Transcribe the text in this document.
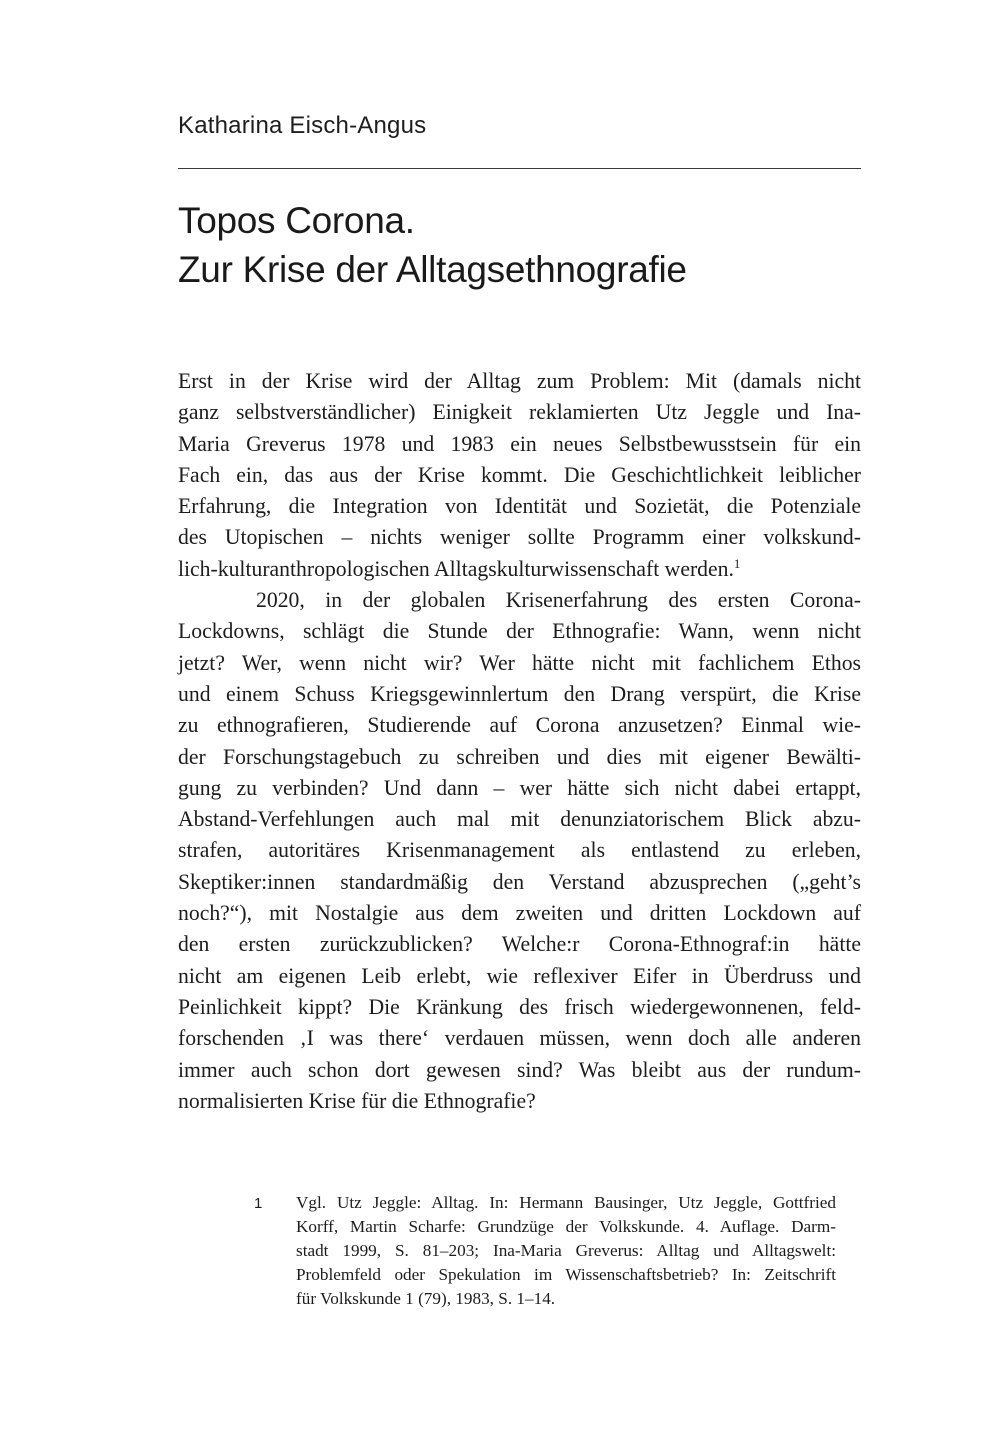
Katharina Eisch-Angus
Topos Corona.
Zur Krise der Alltagsethnografie
Erst in der Krise wird der Alltag zum Problem: Mit (damals nicht
ganz selbstverständlicher) Einigkeit reklamierten Utz Jeggle und Ina-
Maria Greverus 1978 und 1983 ein neues Selbstbewusstsein für ein
Fach ein, das aus der Krise kommt. Die Geschichtlichkeit leiblicher
Erfahrung, die Integration von Identität und Sozietät, die Potenziale
des Utopischen – nichts weniger sollte Programm einer volkskund-
lich-kulturanthropologischen Alltagskulturwissenschaft werden.$^1$
2020, in der globalen Krisenerfahrung des ersten Corona-
Lockdowns, schlägt die Stunde der Ethnografie: Wann, wenn nicht
jetzt? Wer, wenn nicht wir? Wer hätte nicht mit fachlichem Ethos
und einem Schuss Kriegsgewinnlertum den Drang verspürt, die Krise
zu ethnografieren, Studierende auf Corona anzusetzen? Einmal wie-
der Forschungstagebuch zu schreiben und dies mit eigener Bewälti-
gung zu verbinden? Und dann – wer hätte sich nicht dabei ertappt,
Abstand-Verfehlungen auch mal mit denunziatorischem Blick abzu-
strafen, autoritäres Krisenmanagement als entlastend zu erleben,
Skeptiker:innen standardmäßig den Verstand abzusprechen („geht’s
noch?“), mit Nostalgie aus dem zweiten und dritten Lockdown auf
den ersten zurückzublicken? Welche:r Corona-Ethnograf:in hätte
nicht am eigenen Leib erlebt, wie reflexiver Eifer in Überdruss und
Peinlichkeit kippt? Die Kränkung des frisch wiedergewonnenen, feld-
forschenden ‚I was there‘ verdauen müssen, wenn doch alle anderen
immer auch schon dort gewesen sind? Was bleibt aus der rundum-
normalisierten Krise für die Ethnografie?
1 Vgl. Utz Jeggle: Alltag. In: Hermann Bausinger, Utz Jeggle, Gottfried
Korff, Martin Scharfe: Grundzüge der Volkskunde. 4. Auflage. Darm-
stadt 1999, S. 81–203; Ina-Maria Greverus: Alltag und Alltagswelt:
Problemfeld oder Spekulation im Wissenschaftsbetrieb? In: Zeitschrift
für Volkskunde 1 (79), 1983, S. 1–14.
